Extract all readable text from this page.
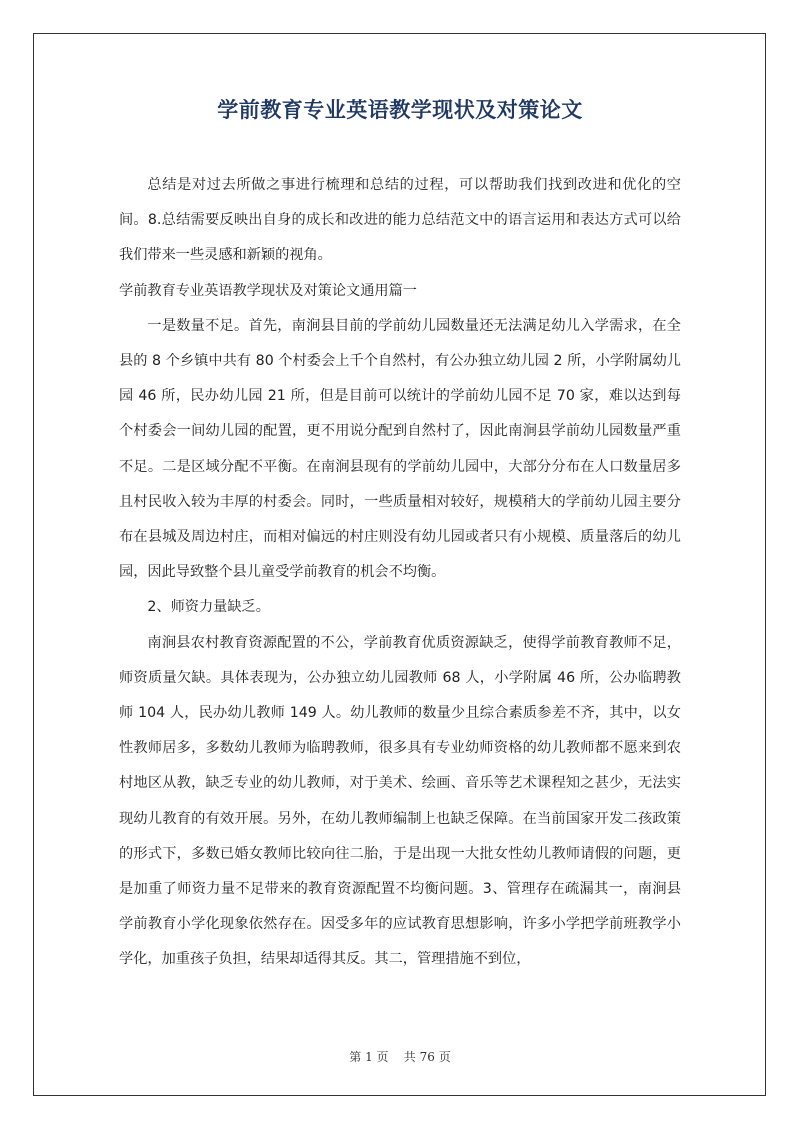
学前教育专业英语教学现状及对策论文

总结是对过去所做之事进行梳理和总结的过程，可以帮助我们找到改进和优化的空间。8.总结需要反映出自身的成长和改进的能力总结范文中的语言运用和表达方式可以给我们带来一些灵感和新颖的视角。

学前教育专业英语教学现状及对策论文通用篇一

一是数量不足。首先，南涧县目前的学前幼儿园数量还无法满足幼儿入学需求，在全县的 8 个乡镇中共有 80 个村委会上千个自然村，有公办独立幼儿园 2 所，小学附属幼儿园 46 所，民办幼儿园 21 所，但是目前可以统计的学前幼儿园不足 70 家，难以达到每个村委会一间幼儿园的配置，更不用说分配到自然村了，因此南涧县学前幼儿园数量严重不足。二是区域分配不平衡。在南涧县现有的学前幼儿园中，大部分分布在人口数量居多且村民收入较为丰厚的村委会。同时，一些质量相对较好，规模稍大的学前幼儿园主要分布在县城及周边村庄，而相对偏远的村庄则没有幼儿园或者只有小规模、质量落后的幼儿园，因此导致整个县儿童受学前教育的机会不均衡。

2、师资力量缺乏。

南涧县农村教育资源配置的不公，学前教育优质资源缺乏，使得学前教育教师不足，师资质量欠缺。具体表现为，公办独立幼儿园教师 68 人，小学附属 46 所，公办临聘教师 104 人，民办幼儿教师 149 人。幼儿教师的数量少且综合素质参差不齐，其中，以女性教师居多，多数幼儿教师为临聘教师，很多具有专业幼师资格的幼儿教师都不愿来到农村地区从教，缺乏专业的幼儿教师，对于美术、绘画、音乐等艺术课程知之甚少，无法实现幼儿教育的有效开展。另外，在幼儿教师编制上也缺乏保障。在当前国家开发二孩政策的形式下，多数已婚女教师比较向往二胎，于是出现一大批女性幼儿教师请假的问题，更是加重了师资力量不足带来的教育资源配置不均衡问题。3、管理存在疏漏其一，南涧县学前教育小学化现象依然存在。因受多年的应试教育思想影响，许多小学把学前班教学小学化，加重孩子负担，结果却适得其反。其二，管理措施不到位，

第 1 页    共 76 页
